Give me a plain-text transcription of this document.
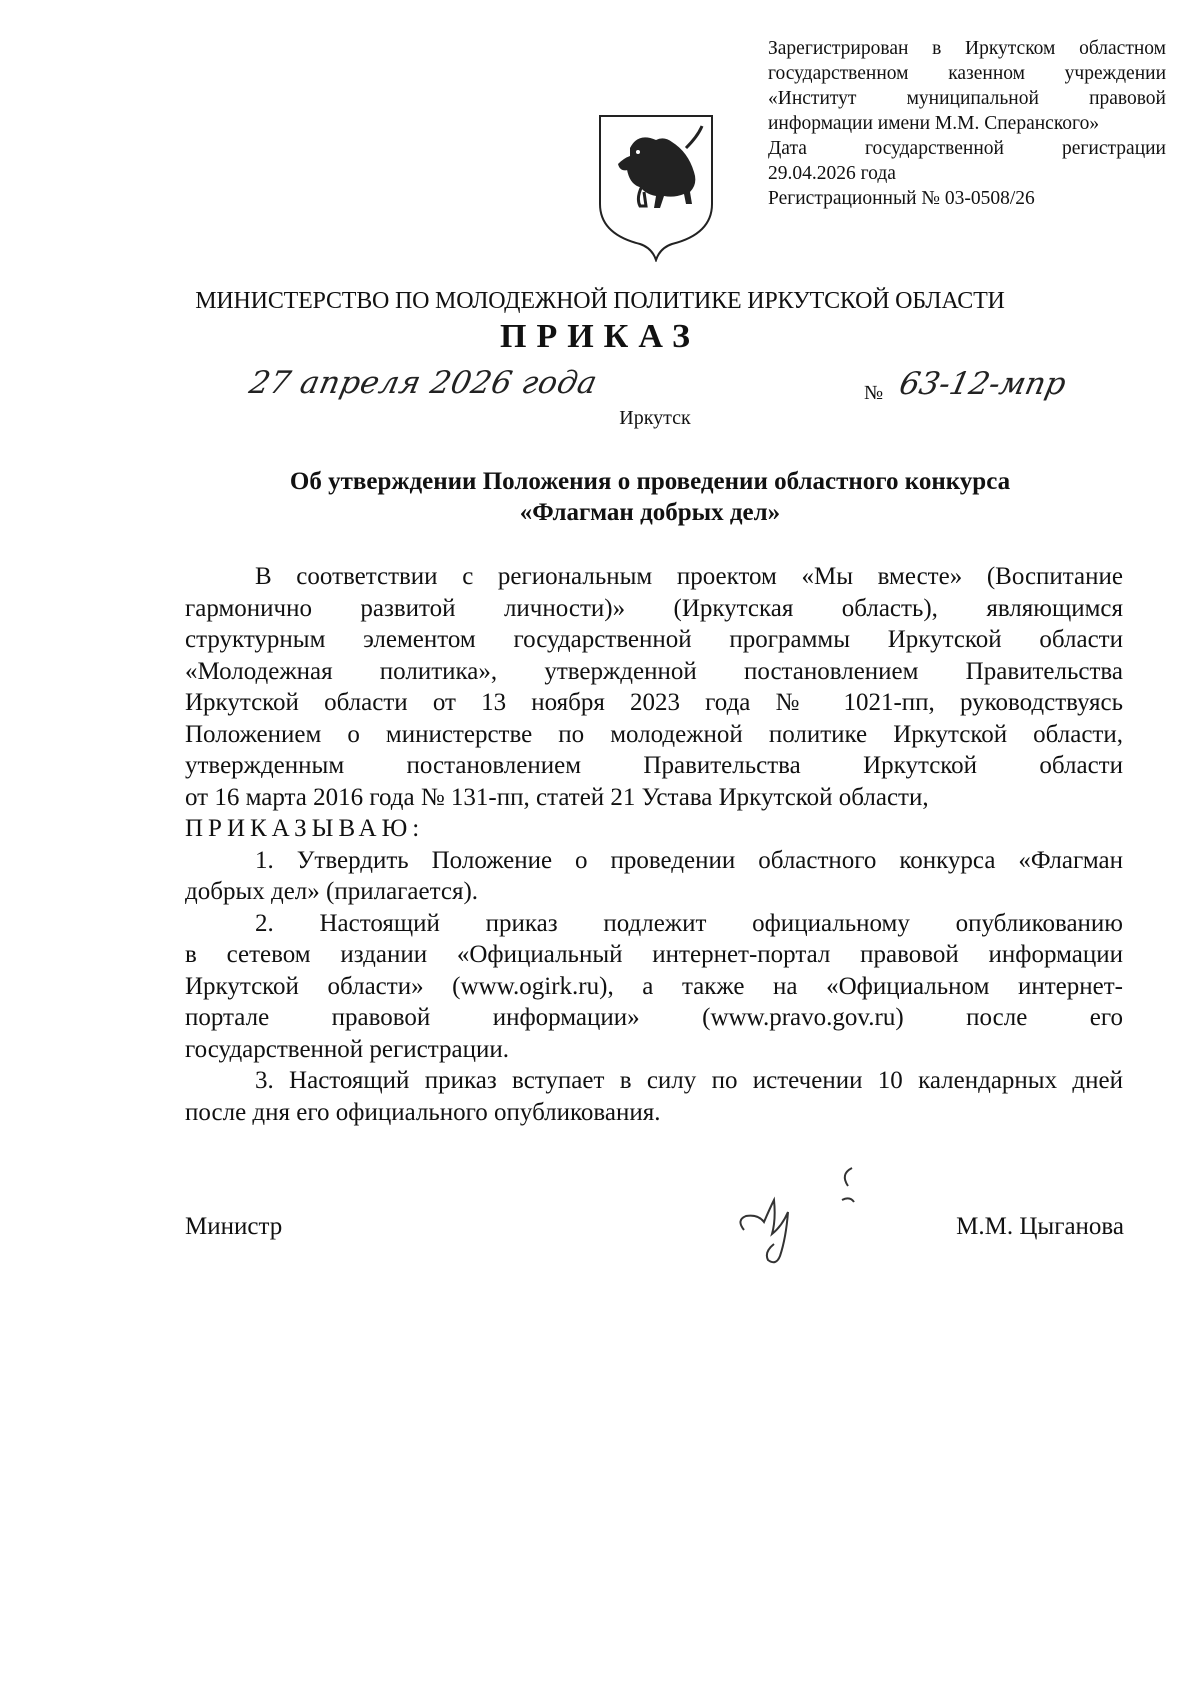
Зарегистрирован в Иркутском областном
государственном казенном учреждении
«Институт муниципальной правовой
информации имени М.М. Сперанского»
Дата государственной регистрации
29.04.2026 года
Регистрационный № 03-0508/26
МИНИСТЕРСТВО ПО МОЛОДЕЖНОЙ ПОЛИТИКЕ ИРКУТСКОЙ ОБЛАСТИ
ПРИКАЗ
27 апреля 2026 года	№ 63-12-мпр
Иркутск
Об утверждении Положения о проведении областного конкурса
«Флагман добрых дел»
В соответствии с региональным проектом «Мы вместе» (Воспитание
гармонично развитой личности)» (Иркутская область), являющимся
структурным элементом государственной программы Иркутской области
«Молодежная политика», утвержденной постановлением Правительства
Иркутской области от 13 ноября 2023 года № 1021-пп, руководствуясь
Положением о министерстве по молодежной политике Иркутской области,
утвержденным постановлением Правительства Иркутской области
от 16 марта 2016 года № 131-пп, статей 21 Устава Иркутской области,
ПРИКАЗЫВАЮ:
1. Утвердить Положение о проведении областного конкурса «Флагман
добрых дел» (прилагается).
2. Настоящий приказ подлежит официальному опубликованию
в сетевом издании «Официальный интернет-портал правовой информации
Иркутской области» (www.ogirk.ru), а также на «Официальном интернет-
портале правовой информации» (www.pravo.gov.ru) после его
государственной регистрации.
3. Настоящий приказ вступает в силу по истечении 10 календарных дней
после дня его официального опубликования.
Министр	М.М. Цыганова
